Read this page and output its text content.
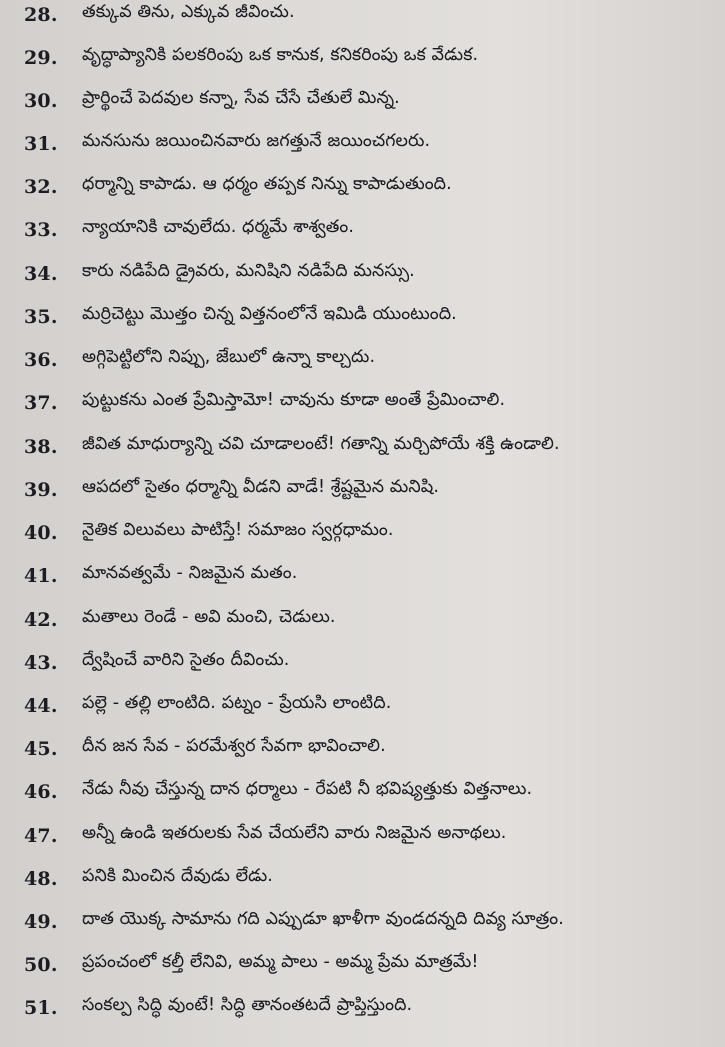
28. తక్కువ తిను, ఎక్కువ జీవించు.
29. వృద్ధాప్యానికి పలకరింపు ఒక కానుక, కనికరింపు ఒక వేడుక.
30. ప్రార్థించే పెదవుల కన్నా, సేవ చేసే చేతులే మిన్న.
31. మనసును జయించినవారు జగత్తునే జయించగలరు.
32. ధర్మాన్ని కాపాడు. ఆ ధర్మం తప్పక నిన్ను కాపాడుతుంది.
33. న్యాయానికి చావులేదు. ధర్మమే శాశ్వతం.
34. కారు నడిపేది డ్రైవరు, మనిషిని నడిపేది మనస్సు.
35. మర్రిచెట్టు మొత్తం చిన్న విత్తనంలోనే ఇమిడి యుంటుంది.
36. అగ్గిపెట్టిలోని నిప్పు, జేబులో ఉన్నా కాల్చదు.
37. పుట్టుకను ఎంత ప్రేమిస్తామో! చావును కూడా అంతే ప్రేమించాలి.
38. జీవిత మాధుర్యాన్ని చవి చూడాలంటే! గతాన్ని మర్చిపోయే శక్తి ఉండాలి.
39. ఆపదలో సైతం ధర్మాన్ని వీడని వాడే! శ్రేష్టమైన మనిషి.
40. నైతిక విలువలు పాటిస్తే! సమాజం స్వర్గధామం.
41. మానవత్వమే - నిజమైన మతం.
42. మతాలు రెండే - అవి మంచి, చెడులు.
43. ద్వేషించే వారిని సైతం దీవించు.
44. పల్లె - తల్లి లాంటిది. పట్నం - ప్రేయసి లాంటిది.
45. దీన జన సేవ - పరమేశ్వర సేవగా భావించాలి.
46. నేడు నీవు చేస్తున్న దాన ధర్మాలు - రేపటి నీ భవిష్యత్తుకు విత్తనాలు.
47. అన్నీ ఉండి ఇతరులకు సేవ చేయలేని వారు నిజమైన అనాథలు.
48. పనికి మించిన దేవుడు లేడు.
49. దాత యొక్క సామాను గది ఎప్పుడూ ఖాళీగా వుండదన్నది దివ్య సూత్రం.
50. ప్రపంచంలో కల్తీ లేనివి, అమ్మ పాలు - అమ్మ ప్రేమ మాత్రమే!
51. సంకల్ప సిద్ధి వుంటే! సిద్ధి తానంతటదే ప్రాప్తిస్తుంది.
